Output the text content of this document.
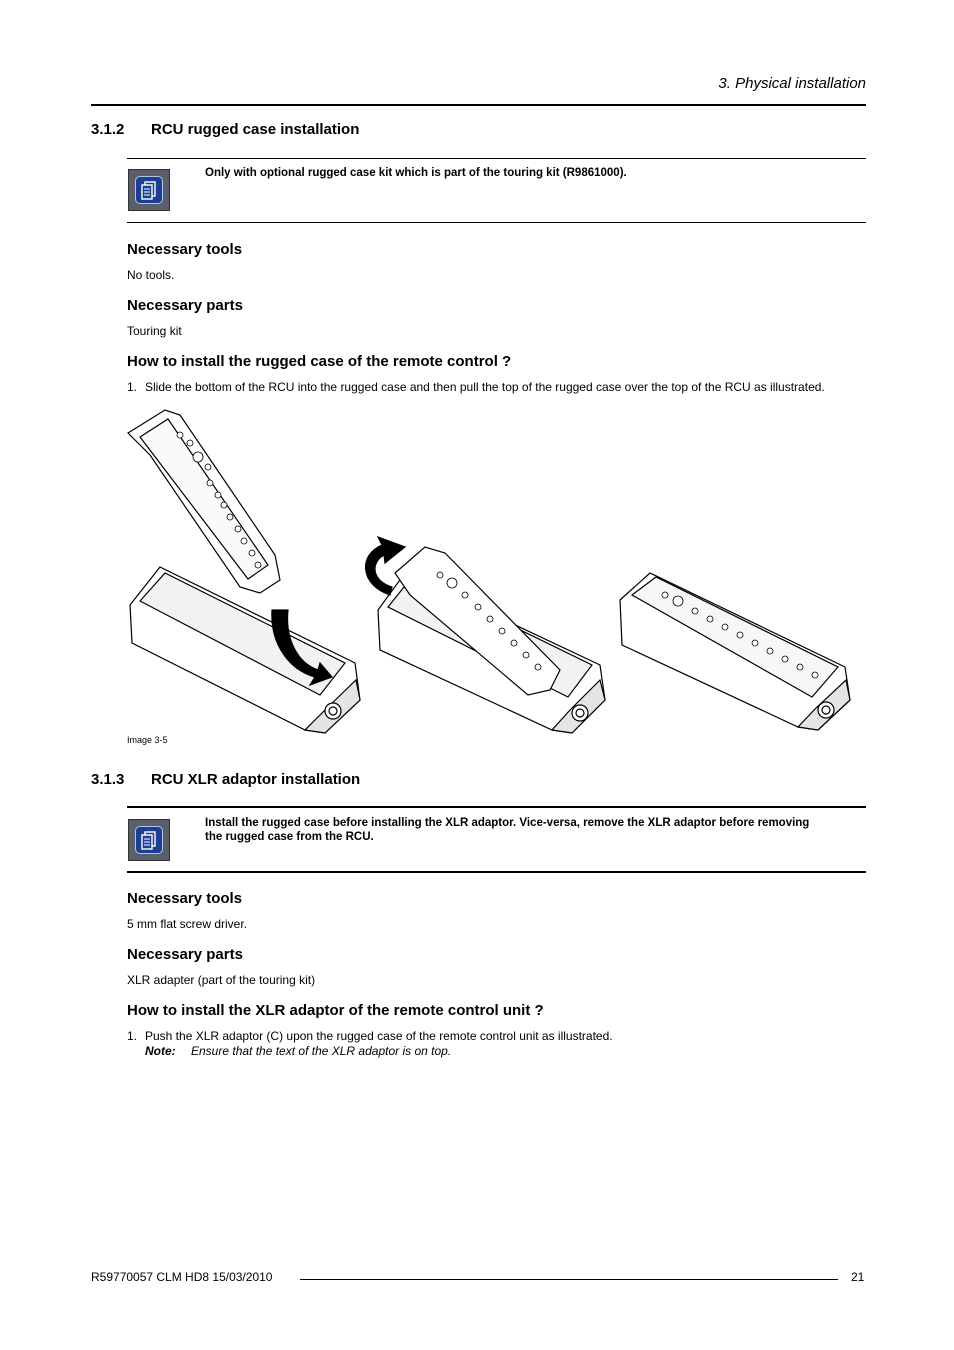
3. Physical installation
3.1.2 RCU rugged case installation
Only with optional rugged case kit which is part of the touring kit (R9861000).
Necessary tools
No tools.
Necessary parts
Touring kit
How to install the rugged case of the remote control ?
1. Slide the bottom of the RCU into the rugged case and then pull the top of the rugged case over the top of the RCU as illustrated.
Image 3-5
3.1.3 RCU XLR adaptor installation
Install the rugged case before installing the XLR adaptor. Vice-versa, remove the XLR adaptor before removing
the rugged case from the RCU.
Necessary tools
5 mm flat screw driver.
Necessary parts
XLR adapter (part of the touring kit)
How to install the XLR adaptor of the remote control unit ?
1. Push the XLR adaptor (C) upon the rugged case of the remote control unit as illustrated.
Note: Ensure that the text of the XLR adaptor is on top.
R59770057 CLM HD8 15/03/2010	21
